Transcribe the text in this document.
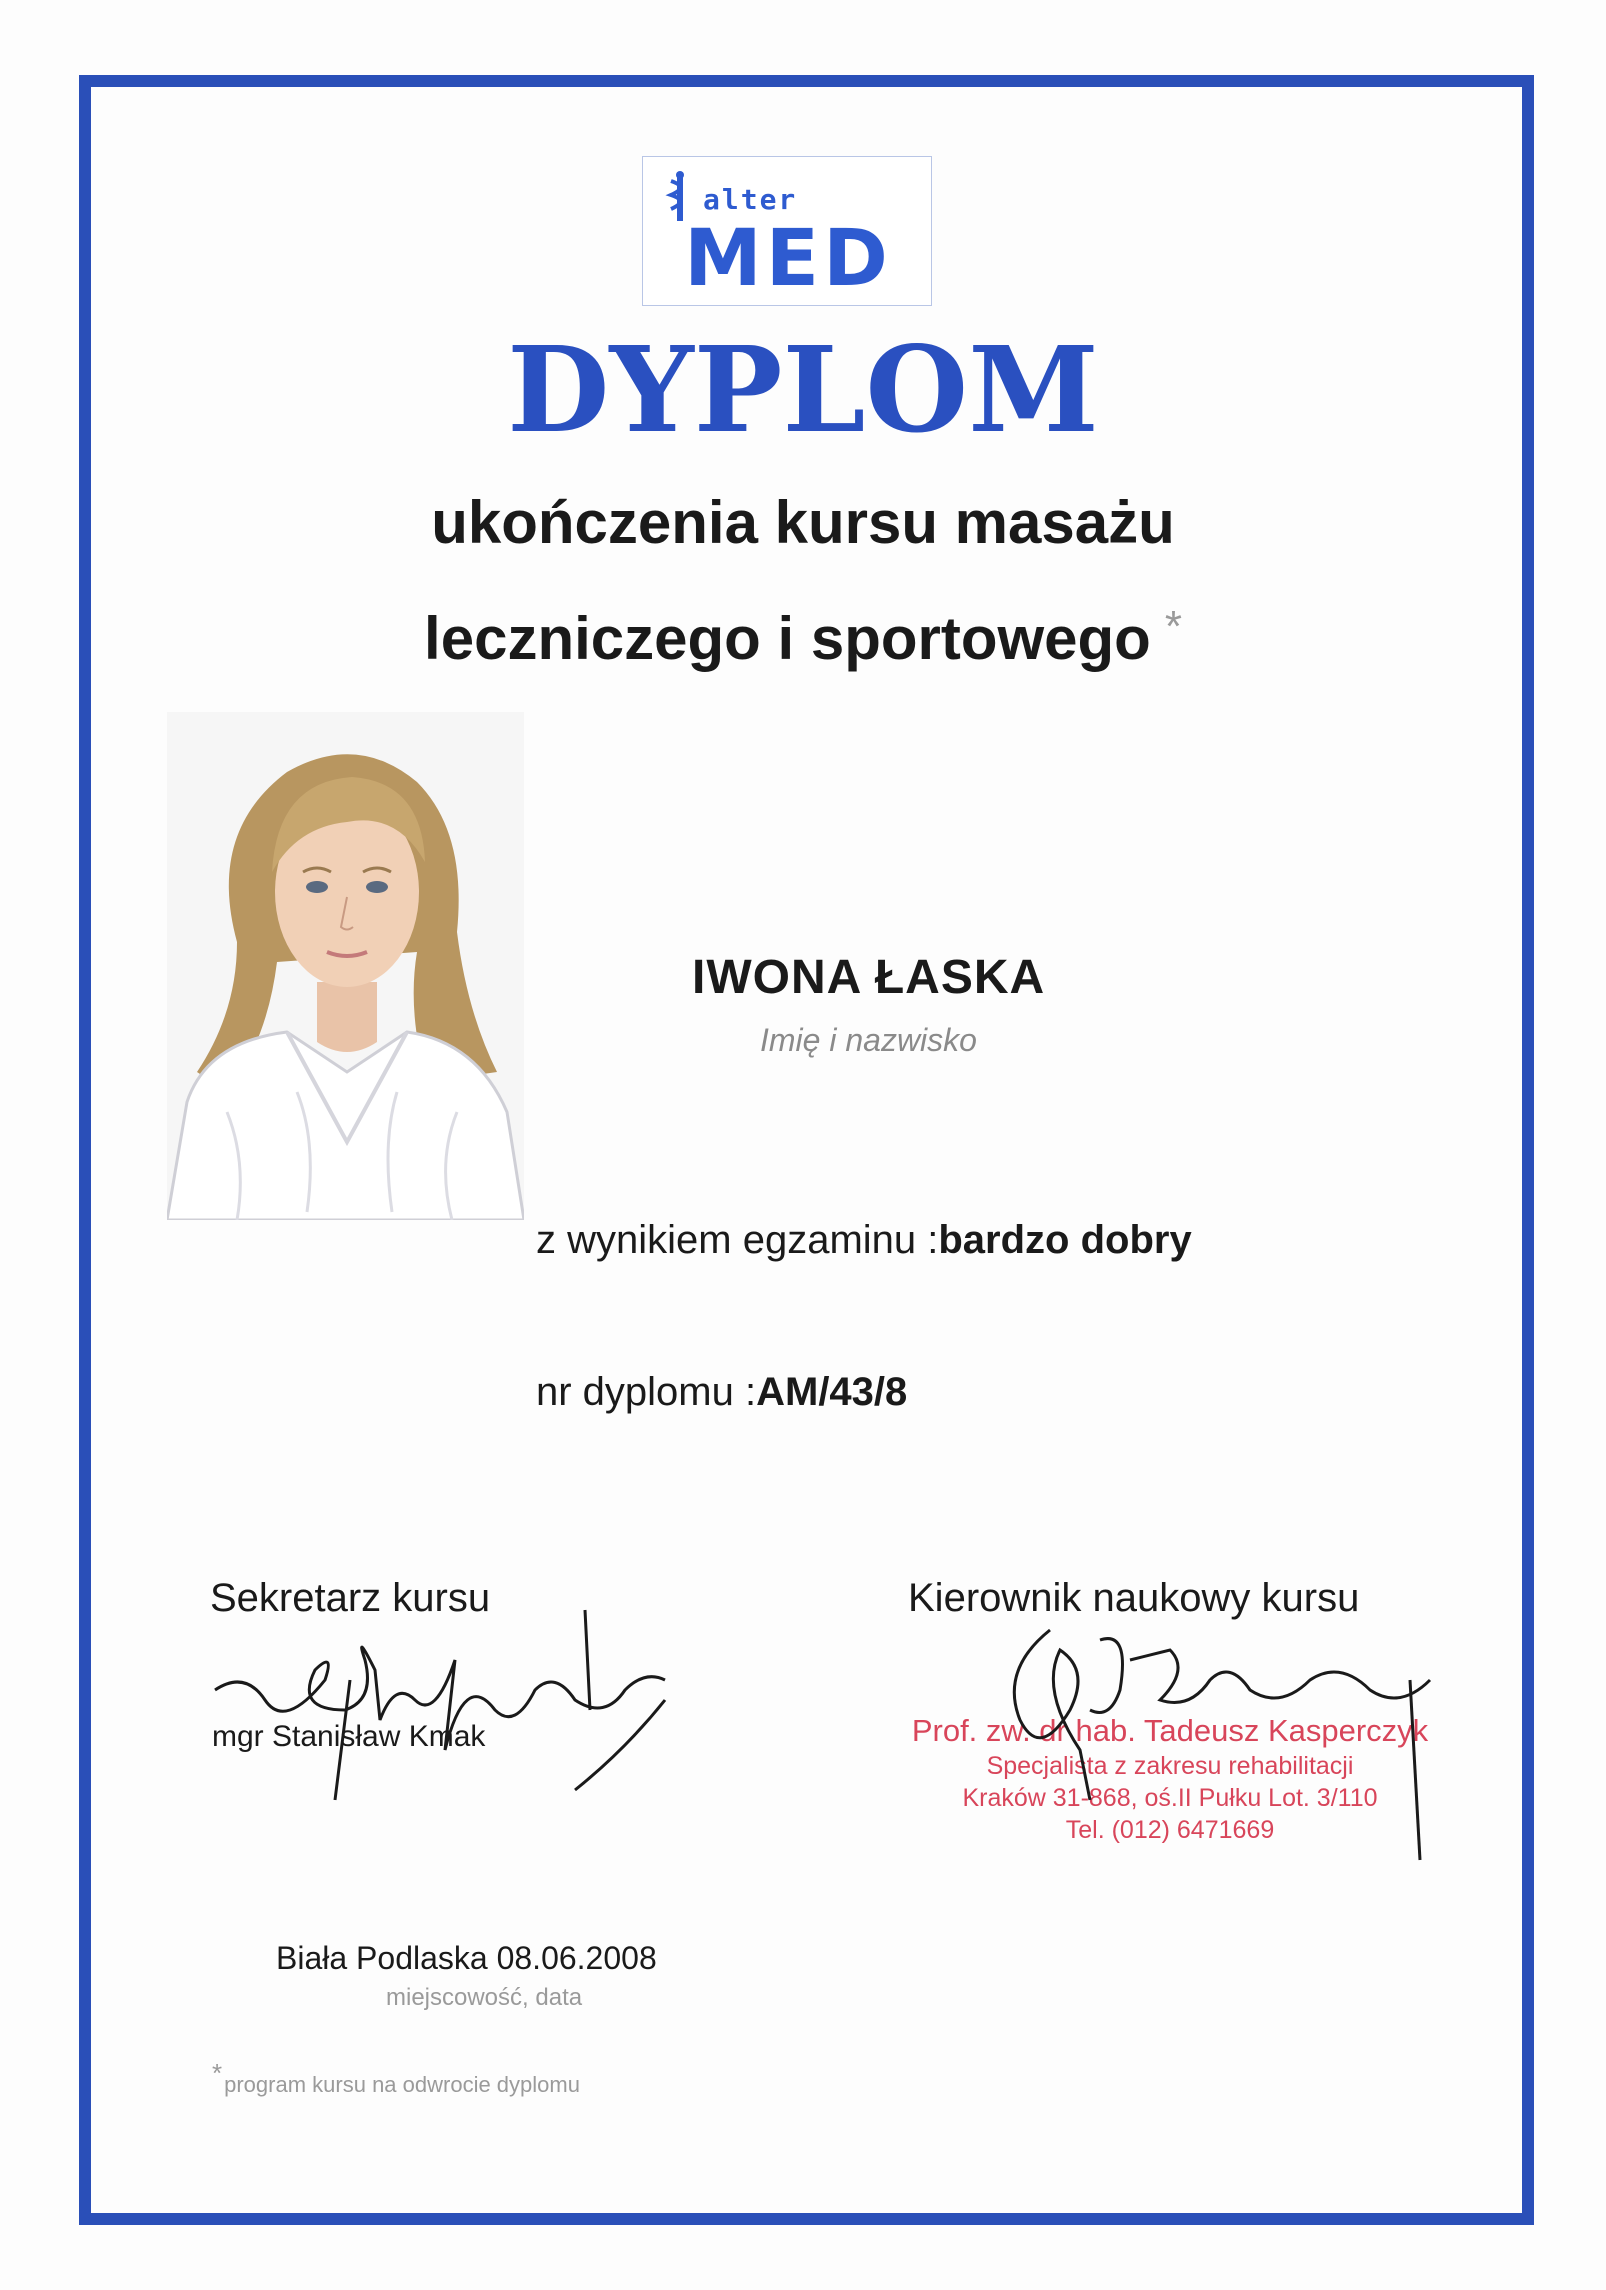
alter
MED
DYPLOM
ukończenia kursu masażu
leczniczego i sportowego *
IWONA ŁASKA
Imię i nazwisko
z wynikiem egzaminu :bardzo dobry
nr dyplomu :AM/43/8
Sekretarz kursu
mgr Stanisław Kmak
Kierownik naukowy kursu
Prof. zw. dr hab. Tadeusz Kasperczyk
Specjalista z zakresu rehabilitacji
Kraków 31-868, oś.II Pułku Lot. 3/110
Tel. (012) 6471669
Biała Podlaska 08.06.2008
miejscowość, data
*program kursu na odwrocie dyplomu
